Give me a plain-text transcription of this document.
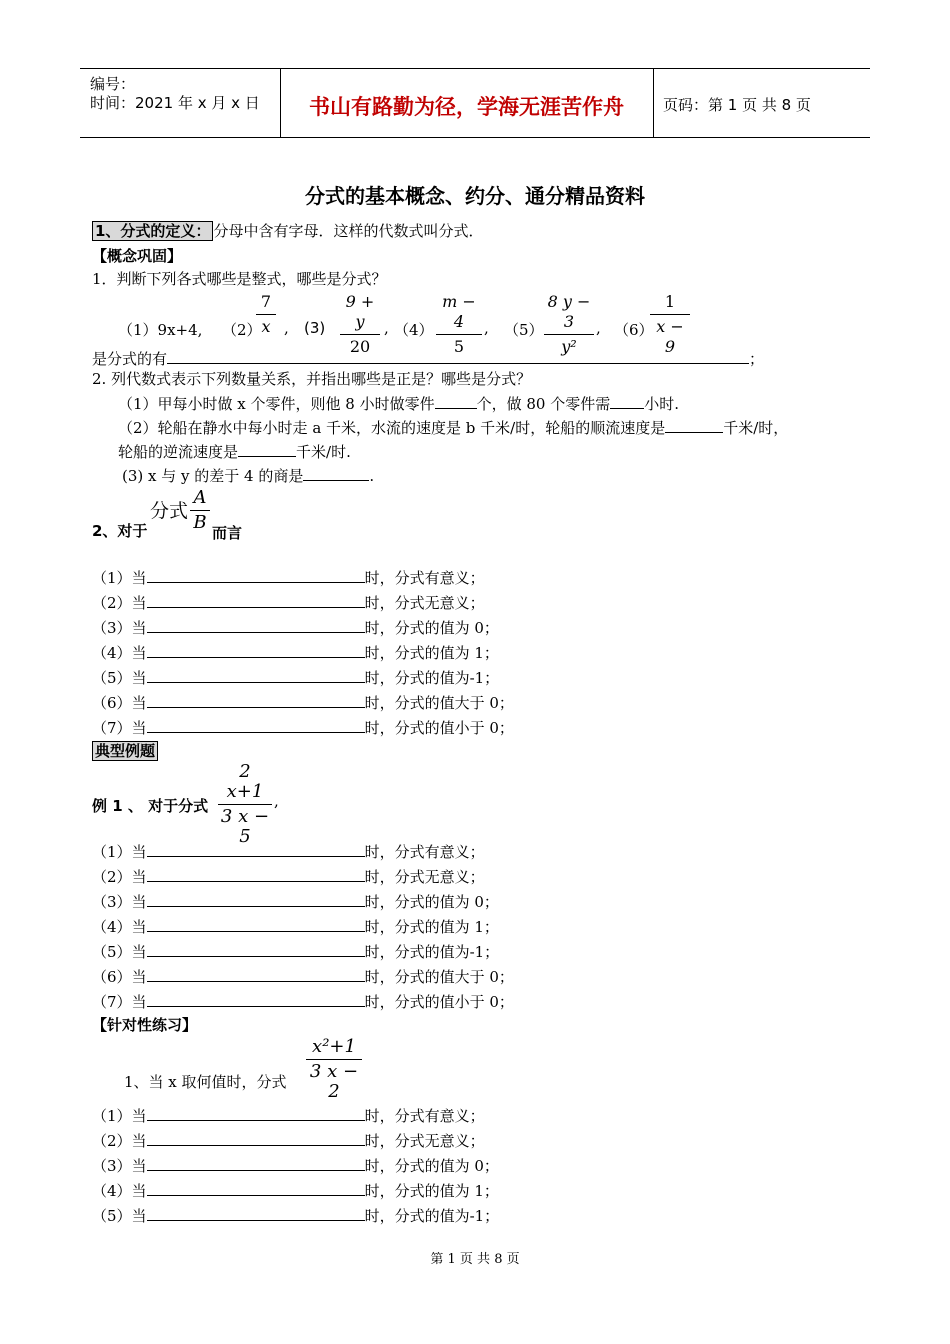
编号：
时间：2021 年 x 月 x 日	书山有路勤为径，学海无涯苦作舟	页码：第 1 页 共 8 页
分式的基本概念、约分、通分精品资料
1、分式的定义： 分母中含有字母．这样的代数式叫分式．
【概念巩固】
1．判断下列各式哪些是整式，哪些是分式？
（1）9x+4, （2）
$\frac{7}{x}$ , $(3) \frac{9 + y}{20}$ , $(4) \frac{m - 4}{5}$ , $(5) \frac{8 y - 3}{\text{y²}}$ , （6）
$\frac{1}{x - 9}$
是分式的有	；
2. 列代数式表示下列数量关系，并指出哪些是正是？哪些是分式？
（1）甲每小时做 x 个零件，则他 8 小时做零件	个，做 80 个零件需 小时.
（2）轮船在静水中每小时走 a 千米，水流的速度是 b 千米/时，轮船的顺流速度是	千米/时，
轮船的逆流速度是	千米/时.
(3) x 与 y 的差于 4 的商是	.
2、对于
分式 $\frac{A}{B}$ 而言
（1）当	时，分式有意义；
（2）当	时，分式无意义；
（3）当	时，分式的值为 0；
（4）当	时，分式的值为 1；
（5）当	时，分式的值为-1；
（6）当	时，分式的值大于 0；
（7）当	时，分式的值小于 0；
典型例题
例 1 、 对于分式 $\frac{2 x+1}{3 x - 5}$ ,
（1）当	时，分式有意义；
（2）当	时，分式无意义；
（3）当	时，分式的值为 0；
（4）当	时，分式的值为 1；
（5）当	时，分式的值为-1；
（6）当	时，分式的值大于 0；
（7）当	时，分式的值小于 0；
【针对性练习】
1、当 x 取何值时，分式 $\frac{\text{x²+1}}{3 x - 2}$
（1）当	时，分式有意义；
（2）当	时，分式无意义；
（3）当	时，分式的值为 0；
（4）当	时，分式的值为 1；
（5）当	时，分式的值为-1；
第 1 页 共 8 页
